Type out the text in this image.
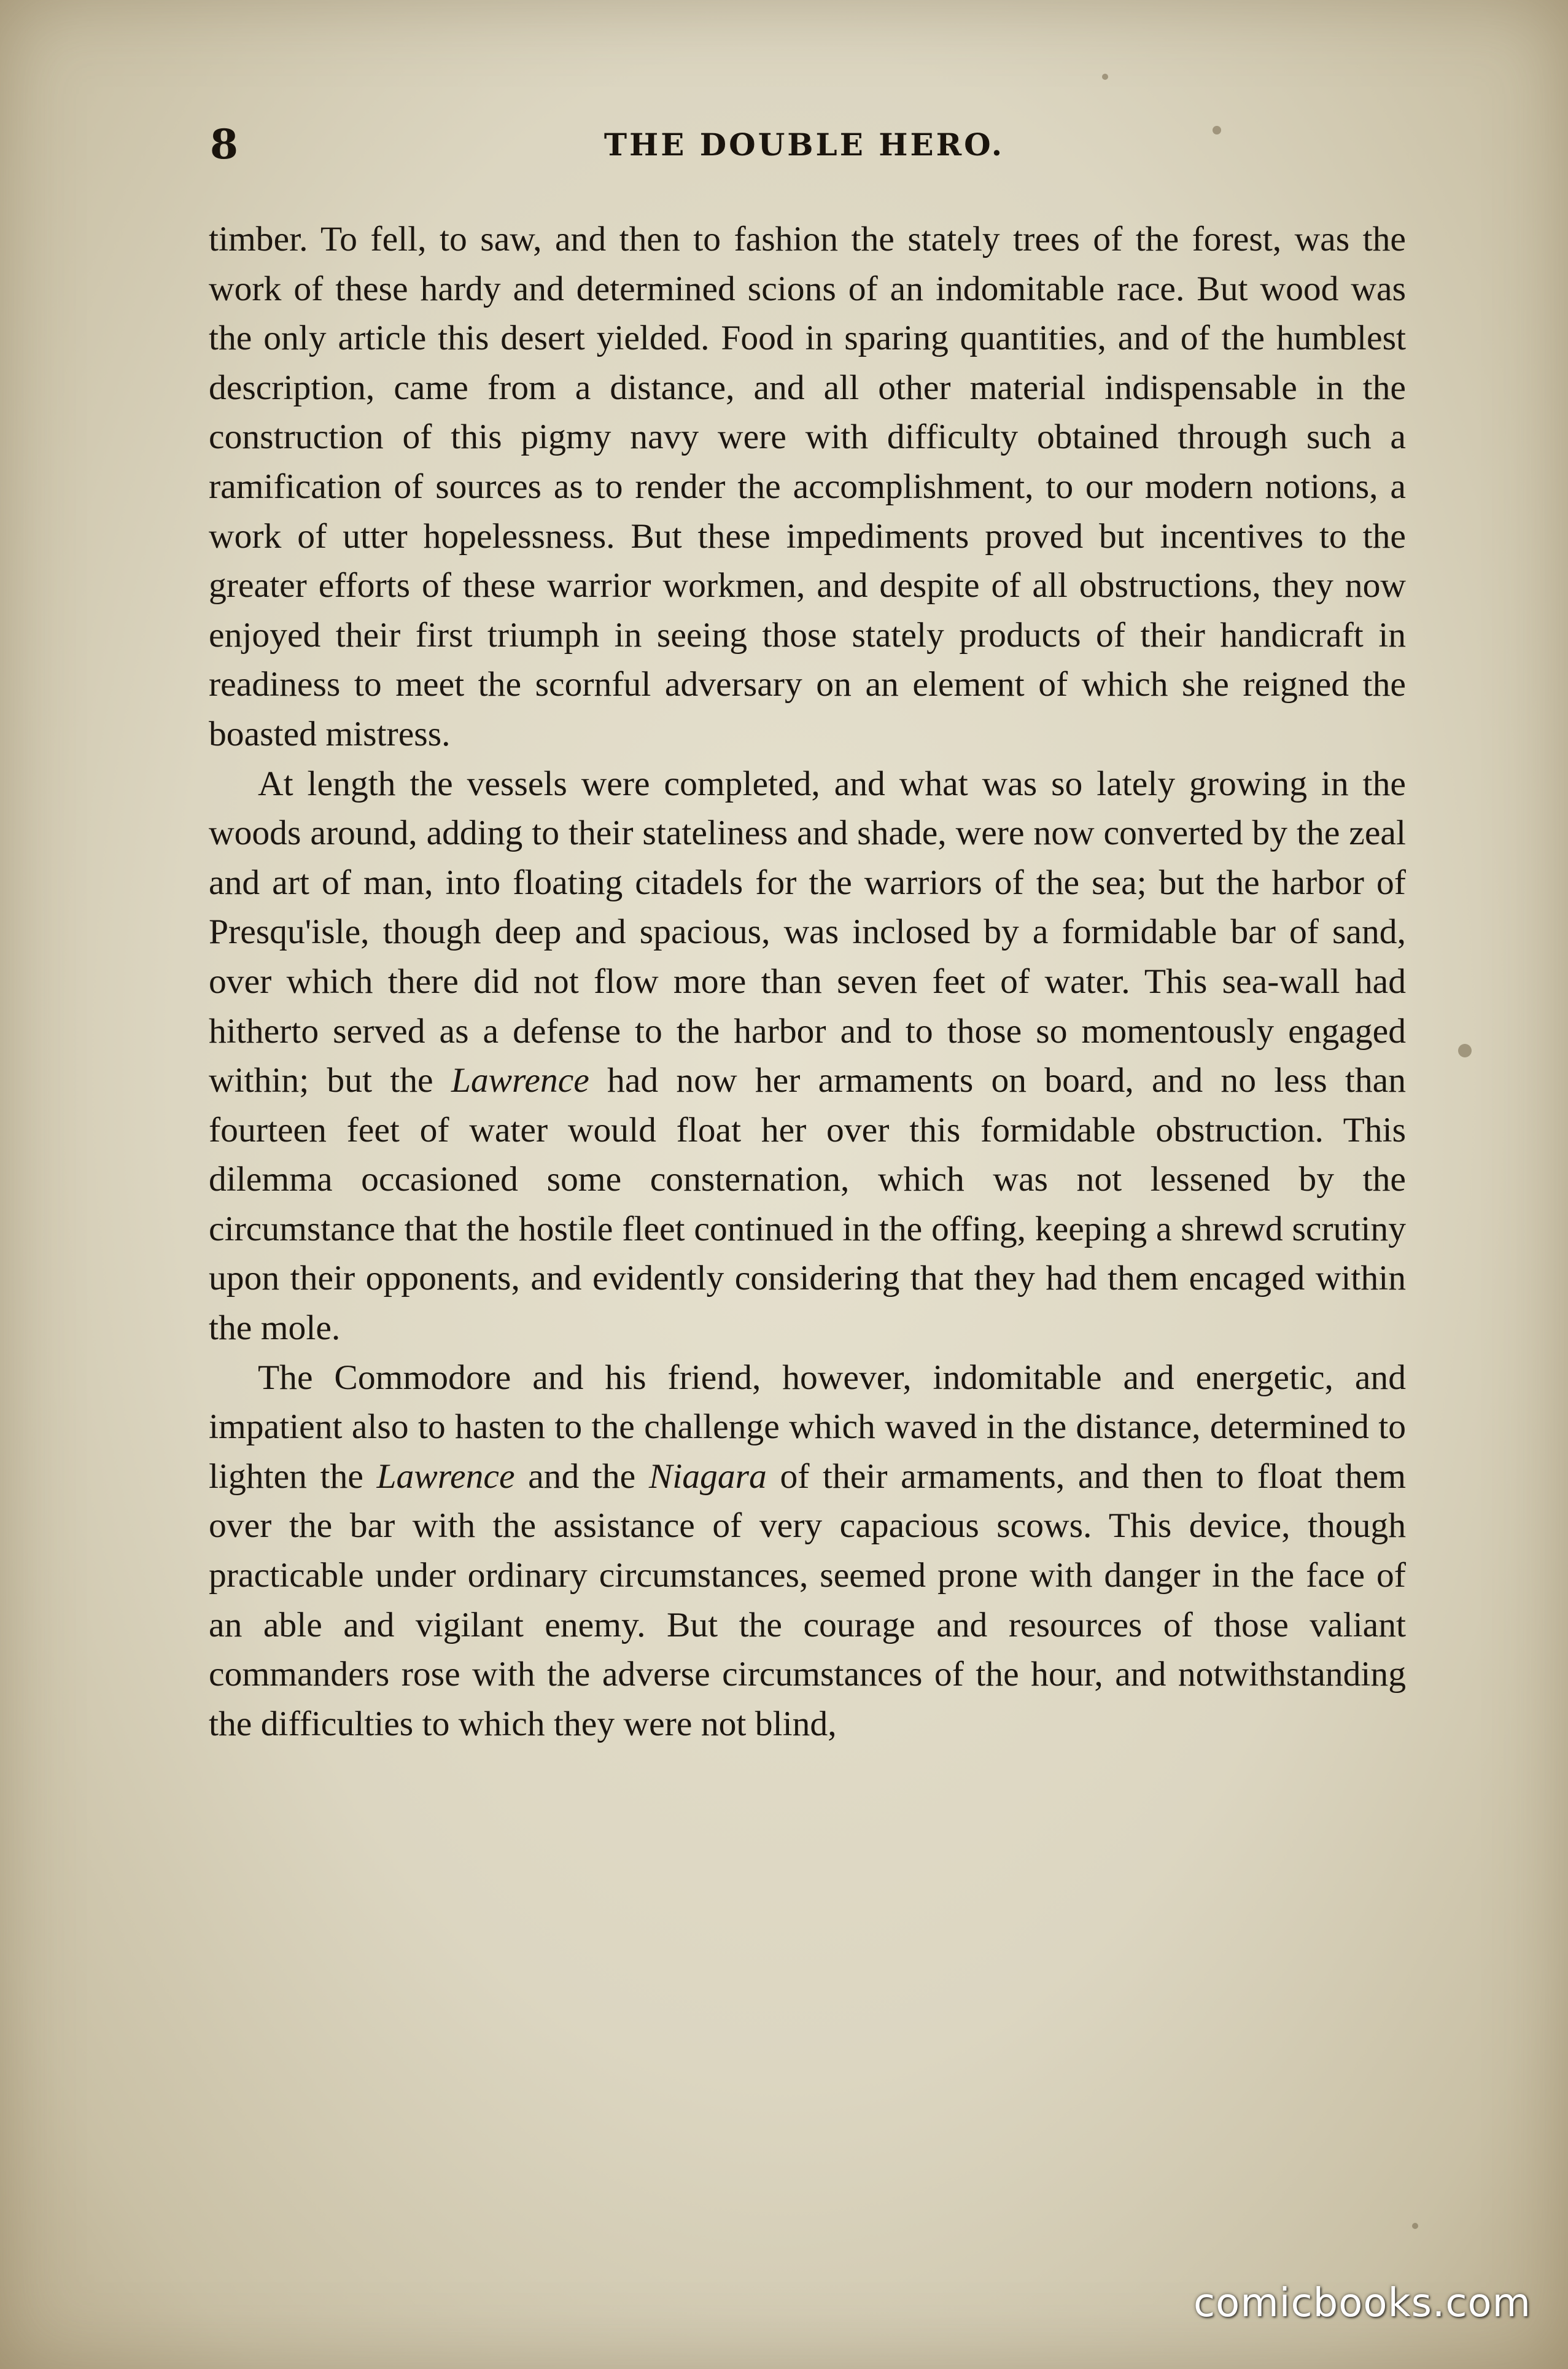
8	THE DOUBLE HERO.

timber. To fell, to saw, and then to fashion the stately trees of the forest, was the work of these hardy and determined scions of an indomitable race. But wood was the only article this desert yielded. Food in sparing quantities, and of the humblest description, came from a distance, and all other material indispensable in the construction of this pigmy navy were with difficulty obtained through such a ramification of sources as to render the accomplishment, to our modern notions, a work of utter hopelessness. But these impediments proved but incentives to the greater efforts of these warrior workmen, and despite of all obstructions, they now enjoyed their first triumph in seeing those stately products of their handicraft in readiness to meet the scornful adversary on an element of which she reigned the boasted mistress.

At length the vessels were completed, and what was so lately growing in the woods around, adding to their stateliness and shade, were now converted by the zeal and art of man, into floating citadels for the warriors of the sea; but the harbor of Presqu'isle, though deep and spacious, was inclosed by a formidable bar of sand, over which there did not flow more than seven feet of water. This sea-wall had hitherto served as a defense to the harbor and to those so momentously engaged within; but the Lawrence had now her armaments on board, and no less than fourteen feet of water would float her over this formidable obstruction. This dilemma occasioned some consternation, which was not lessened by the circumstance that the hostile fleet continued in the offing, keeping a shrewd scrutiny upon their opponents, and evidently considering that they had them encaged within the mole.

The Commodore and his friend, however, indomitable and energetic, and impatient also to hasten to the challenge which waved in the distance, determined to lighten the Lawrence and the Niagara of their armaments, and then to float them over the bar with the assistance of very capacious scows. This device, though practicable under ordinary circumstances, seemed prone with danger in the face of an able and vigilant enemy. But the courage and resources of those valiant commanders rose with the adverse circumstances of the hour, and notwithstanding the difficulties to which they were not blind,

comicbooks.com
